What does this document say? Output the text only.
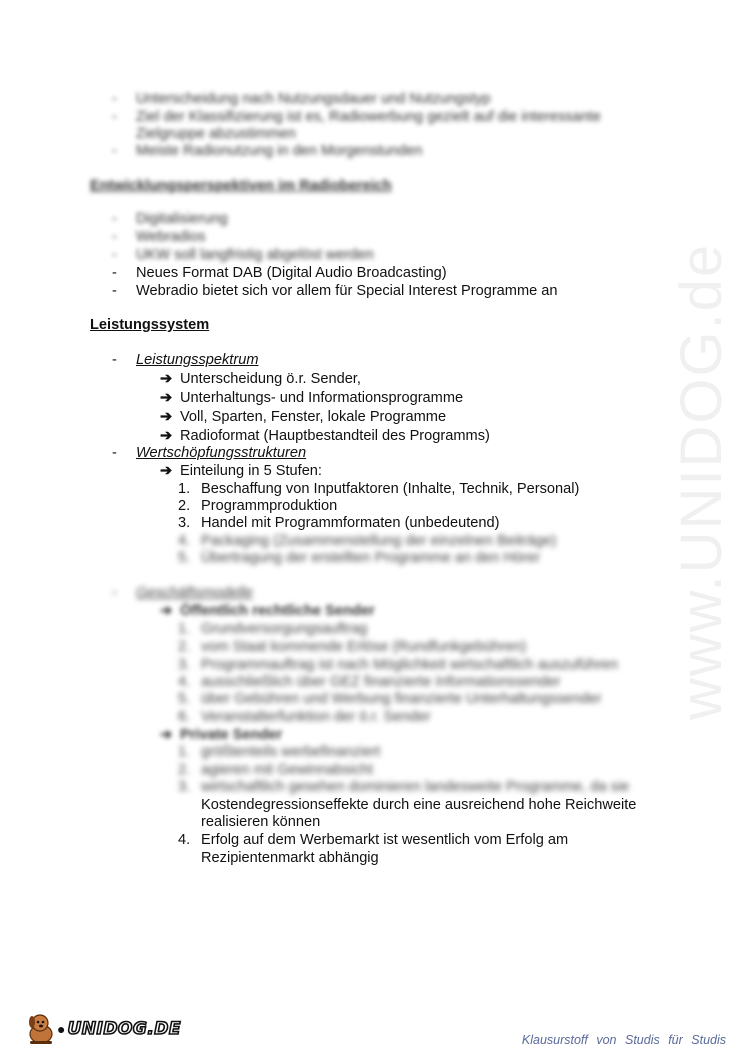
www.UNIDOG.de
- Unterscheidung nach Nutzungsdauer und Nutzungstyp
- Ziel der Klassifizierung ist es, Radiowerbung gezielt auf die interessante
Zielgruppe abzustimmen
- Meiste Radionutzung in den Morgenstunden
Entwicklungsperspektiven im Radiobereich
- Digitalisierung
- Webradios
- UKW soll langfristig abgelöst werden
- Neues Format DAB (Digital Audio Broadcasting)
- Webradio bietet sich vor allem für Special Interest Programme an
Leistungssystem
- Leistungsspektrum
➔ Unterscheidung ö.r. Sender,
➔ Unterhaltungs- und Informationsprogramme
➔ Voll, Sparten, Fenster, lokale Programme
➔ Radioformat (Hauptbestandteil des Programms)
- Wertschöpfungsstrukturen
➔ Einteilung in 5 Stufen:
1. Beschaffung von Inputfaktoren (Inhalte, Technik, Personal)
2. Programmproduktion
3. Handel mit Programmformaten (unbedeutend)
4. Packaging (Zusammenstellung der einzelnen Beiträge)
5. Übertragung der erstellten Programme an den Hörer
- Geschäftsmodelle
➔ Öffentlich rechtliche Sender
1. Grundversorgungsauftrag
2. vom Staat kommende Erlöse (Rundfunkgebühren)
3. Programmauftrag ist nach Möglichkeit wirtschaftlich auszuführen
4. ausschließlich über GEZ finanzierte Informationssender
5. über Gebühren und Werbung finanzierte Unterhaltungssender
6. Veranstalterfunktion der ö.r. Sender
➔ Private Sender
1. größtenteils werbefinanziert
2. agieren mit Gewinnabsicht
3. wirtschaftlich gesehen dominieren landesweite Programme, da sie
Kostendegressionseffekte durch eine ausreichend hohe Reichweite
realisieren können
4. Erfolg auf dem Werbemarkt ist wesentlich vom Erfolg am
Rezipientenmarkt abhängig
● UNIDOG.DE
Klausurstoff von Studis für Studis
